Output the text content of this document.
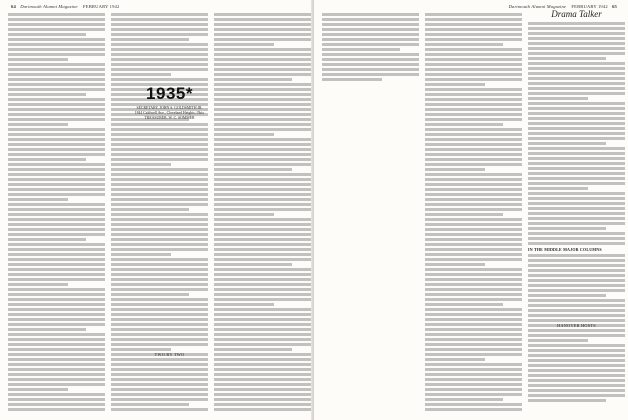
64 Dartmouth Alumni Magazine FEBRUARY 1942	Dartmouth Alumni Magazine FEBRUARY 1942 65
Drama Talker
IN THE MIDDLE MAJOR COLUMNS
1935*
SECRETARY, JOHN S. GOLDSMITH JR.
1844 Caldwell Ave., Cleveland Heights, Ohio
TREASURER, W. C. SOMMER
TWO BY TWO
HANOVER HOSTS
